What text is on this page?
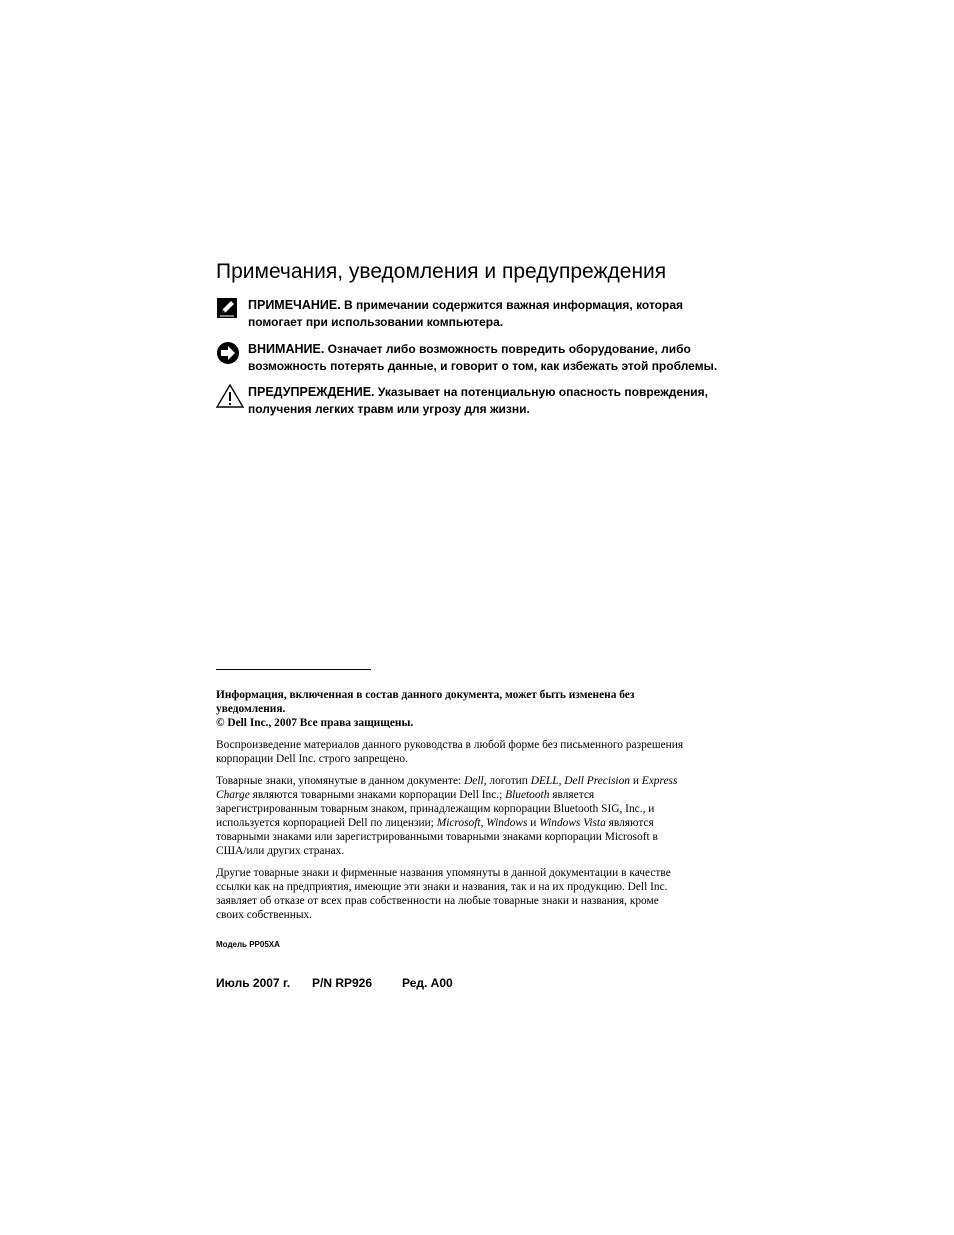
Примечания, уведомления и предупреждения
ПРИМЕЧАНИЕ. В примечании содержится важная информация, которая
помогает при использовании компьютера.
ВНИМАНИЕ. Означает либо возможность повредить оборудование, либо
возможность потерять данные, и говорит о том, как избежать этой проблемы.
ПРЕДУПРЕЖДЕНИЕ. Указывает на потенциальную опасность повреждения,
получения легких травм или угрозу для жизни.
Информация, включенная в состав данного документа, может быть изменена без
уведомления.
© Dell Inc., 2007 Все права защищены.
Воспроизведение материалов данного руководства в любой форме без письменного разрешения
корпорации Dell Inc. строго запрещено.
Товарные знаки, упомянутые в данном документе: Dell, логотип DELL, Dell Precision и Express
Charge являются товарными знаками корпорации Dell Inc.; Bluetooth является
зарегистрированным товарным знаком, принадлежащим корпорации Bluetooth SIG, Inc., и
используется корпорацией Dell по лицензии; Microsoft, Windows и Windows Vista являются
товарными знаками или зарегистрированными товарными знаками корпорации Microsoft в
США/или других странах.
Другие товарные знаки и фирменные названия упомянуты в данной документации в качестве
ссылки как на предприятия, имеющие эти знаки и названия, так и на их продукцию. Dell Inc.
заявляет об отказе от всех прав собственности на любые товарные знаки и названия, кроме
своих собственных.
Модель PP05XA
Июль 2007 г. P/N RP926 Ред. A00
